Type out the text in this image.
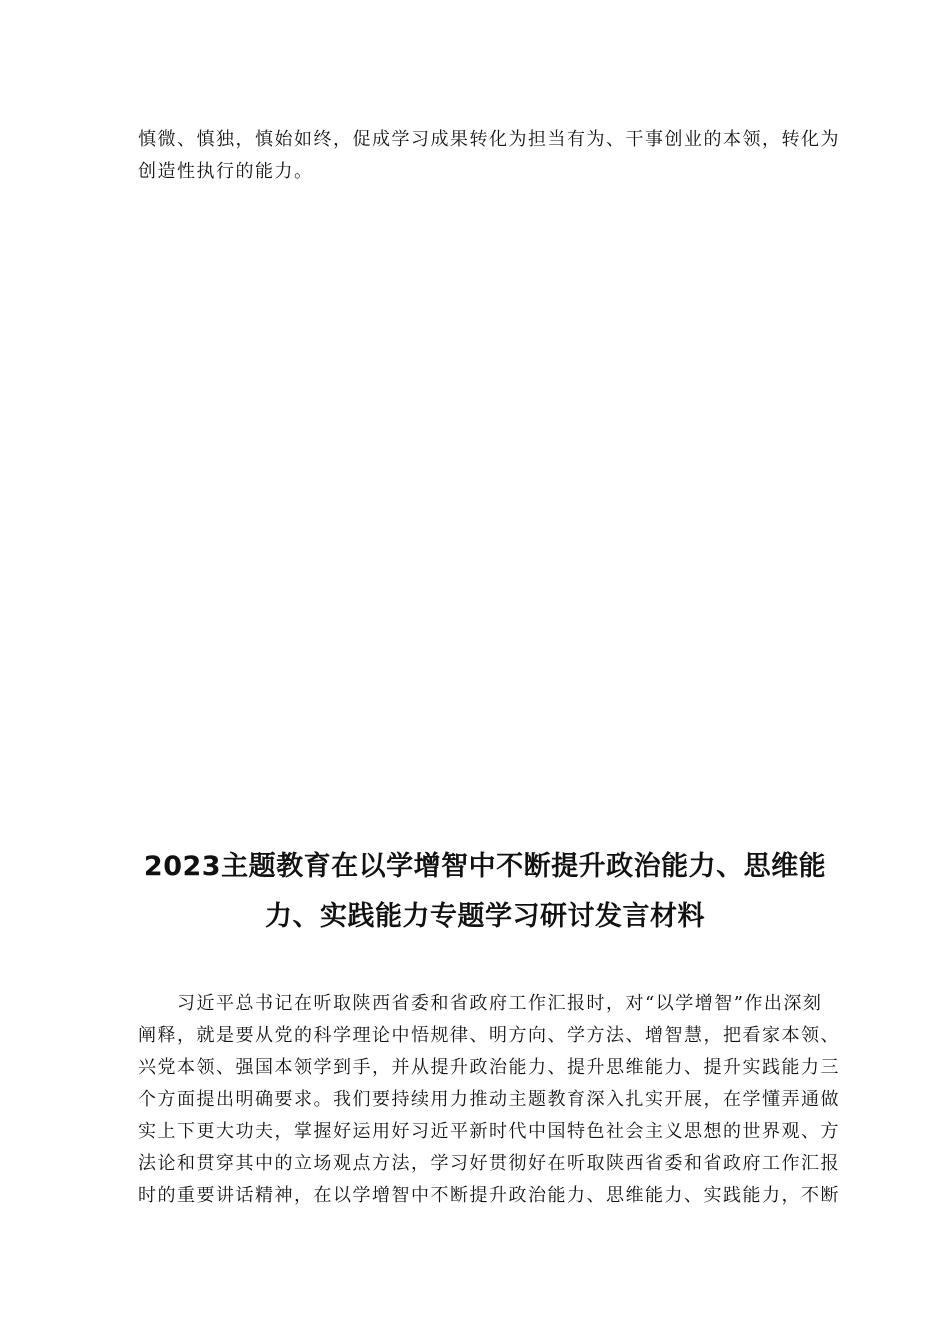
慎微、慎独，慎始如终，促成学习成果转化为担当有为、干事创业的本领，转化为
创造性执行的能力。

2023主题教育在以学增智中不断提升政治能力、思维能
力、实践能力专题学习研讨发言材料

　　习近平总书记在听取陕西省委和省政府工作汇报时，对“以学增智”作出深刻
阐释，就是要从党的科学理论中悟规律、明方向、学方法、增智慧，把看家本领、
兴党本领、强国本领学到手，并从提升政治能力、提升思维能力、提升实践能力三
个方面提出明确要求。我们要持续用力推动主题教育深入扎实开展，在学懂弄通做
实上下更大功夫，掌握好运用好习近平新时代中国特色社会主义思想的世界观、方
法论和贯穿其中的立场观点方法，学习好贯彻好在听取陕西省委和省政府工作汇报
时的重要讲话精神，在以学增智中不断提升政治能力、思维能力、实践能力，不断
